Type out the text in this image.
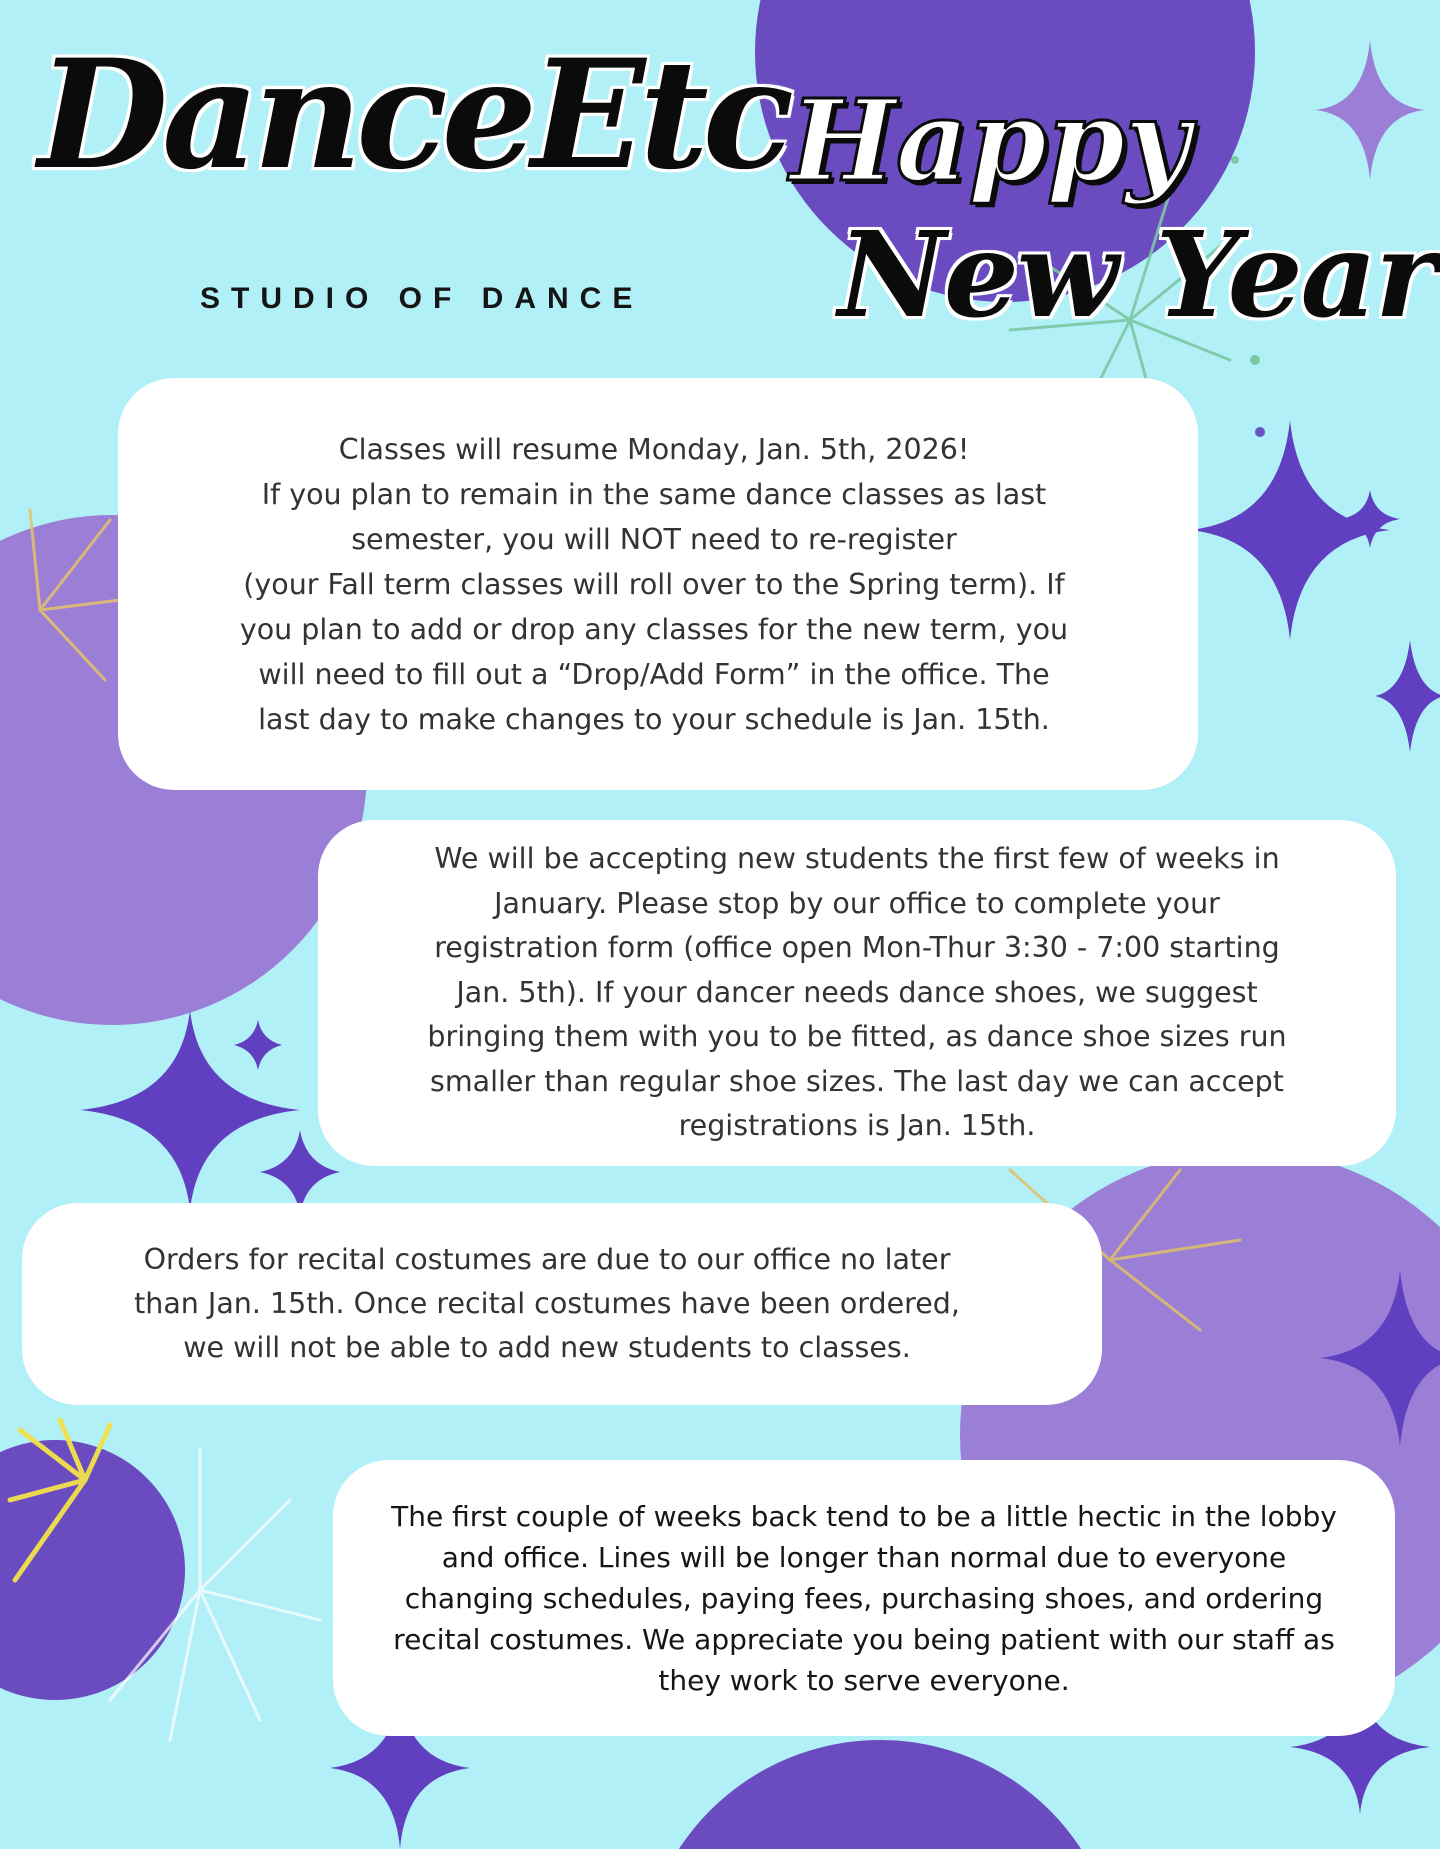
DanceEtc
STUDIO OF DANCE
Happy
New Year

Classes will resume Monday, Jan. 5th, 2026!
If you plan to remain in the same dance classes as last
semester, you will NOT need to re-register
(your Fall term classes will roll over to the Spring term). If
you plan to add or drop any classes for the new term, you
will need to fill out a “Drop/Add Form” in the office. The
last day to make changes to your schedule is Jan. 15th.

We will be accepting new students the first few of weeks in
January. Please stop by our office to complete your
registration form (office open Mon-Thur 3:30 - 7:00 starting
Jan. 5th). If your dancer needs dance shoes, we suggest
bringing them with you to be fitted, as dance shoe sizes run
smaller than regular shoe sizes. The last day we can accept
registrations is Jan. 15th.

Orders for recital costumes are due to our office no later
than Jan. 15th. Once recital costumes have been ordered,
we will not be able to add new students to classes.

The first couple of weeks back tend to be a little hectic in the lobby
and office. Lines will be longer than normal due to everyone
changing schedules, paying fees, purchasing shoes, and ordering
recital costumes. We appreciate you being patient with our staff as
they work to serve everyone.
